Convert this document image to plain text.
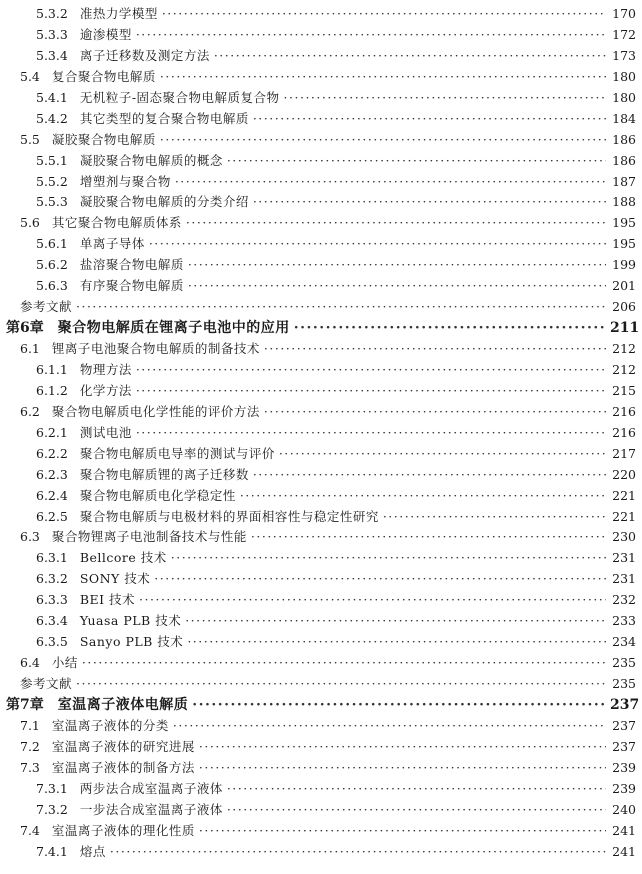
5.3.2 准热力学模型 ·····	170
5.3.3 逾渗模型 ·····	172
5.3.4 离子迁移数及测定方法 ·····	173
5.4 复合聚合物电解质 ·····	180
5.4.1 无机粒子-固态聚合物电解质复合物 ·····	180
5.4.2 其它类型的复合聚合物电解质 ·····	184
5.5 凝胶聚合物电解质 ·····	186
5.5.1 凝胶聚合物电解质的概念 ·····	186
5.5.2 增塑剂与聚合物 ·····	187
5.5.3 凝胶聚合物电解质的分类介绍 ·····	188
5.6 其它聚合物电解质体系 ·····	195
5.6.1 单离子导体 ·····	195
5.6.2 盐溶聚合物电解质 ·····	199
5.6.3 有序聚合物电解质 ·····	201
参考文献 ·····	206
第6章 聚合物电解质在锂离子电池中的应用 ·····	211
6.1 锂离子电池聚合物电解质的制备技术 ·····	212
6.1.1 物理方法 ·····	212
6.1.2 化学方法 ·····	215
6.2 聚合物电解质电化学性能的评价方法 ·····	216
6.2.1 测试电池 ·····	216
6.2.2 聚合物电解质电导率的测试与评价 ·····	217
6.2.3 聚合物电解质锂的离子迁移数 ·····	220
6.2.4 聚合物电解质电化学稳定性 ·····	221
6.2.5 聚合物电解质与电极材料的界面相容性与稳定性研究 ·····	221
6.3 聚合物锂离子电池制备技术与性能 ·····	230
6.3.1 Bellcore 技术 ·····	231
6.3.2 SONY 技术 ·····	231
6.3.3 BEI 技术 ·····	232
6.3.4 Yuasa PLB 技术 ·····	233
6.3.5 Sanyo PLB 技术 ·····	234
6.4 小结 ·····	235
参考文献 ·····	235
第7章 室温离子液体电解质 ·····	237
7.1 室温离子液体的分类 ·····	237
7.2 室温离子液体的研究进展 ·····	237
7.3 室温离子液体的制备方法 ·····	239
7.3.1 两步法合成室温离子液体 ·····	239
7.3.2 一步法合成室温离子液体 ·····	240
7.4 室温离子液体的理化性质 ·····	241
7.4.1 熔点 ·····	241
